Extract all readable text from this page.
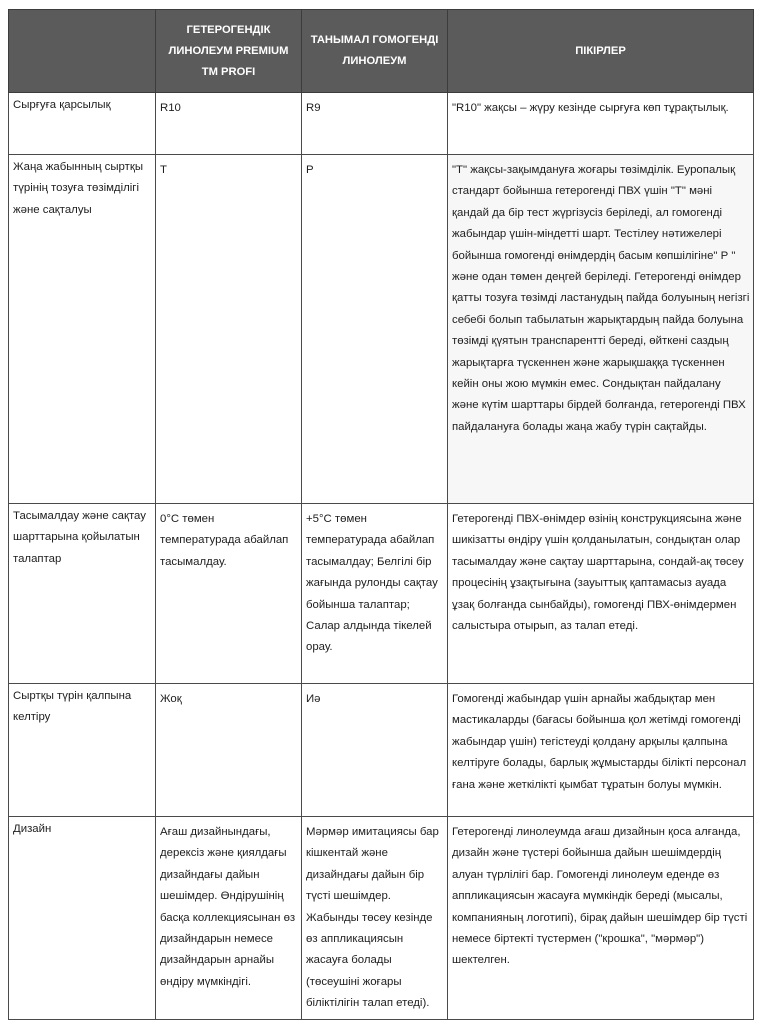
	ГЕТЕРОГЕНДІК ЛИНОЛЕУМ PREMIUM TM PROFI	ТАНЫМАЛ ГОМОГЕНДІ ЛИНОЛЕУМ	ПІКІРЛЕР
Сырғуға қарсылық	R10	R9	"R10" жақсы – жүру кезінде сырғуға көп тұрақтылық.
Жаңа жабынның сыртқы түрінің тозуға төзімділігі және сақталуы	T	P	"T" жақсы-зақымдануға жоғары төзімділік. Еуропалық стандарт бойынша гетерогенді ПВХ үшін "T" мәні қандай да бір тест жүргізусіз беріледі, ал гомогенді жабындар үшін-міндетті шарт. Тестілеу нәтижелері бойынша гомогенді өнімдердің басым көпшілігіне" Р " және одан төмен деңгей беріледі. Гетерогенді өнімдер қатты тозуға төзімді ластанудың пайда болуының негізгі себебі болып табылатын жарықтардың пайда болуына төзімді қүятын транспарентті береді, өйткені саздың жарықтарға түскеннен және жарықшаққа түскеннен кейін оны жою мүмкін емес. Сондықтан пайдалану және күтім шарттары бірдей болғанда, гетерогенді ПВХ пайдалануға болады жаңа жабу түрін сақтайды.
Тасымалдау және сақтау шарттарына қойылатын талаптар	0°С төмен температурада абайлап тасымалдау.	+5°С төмен температурада абайлап тасымалдау; Белгілі бір жағында рулонды сақтау бойынша талаптар; Салар алдында тікелей орау.	Гетерогенді ПВХ-өнімдер өзінің конструкциясына және шикізатты өндіру үшін қолданылатын, сондықтан олар тасымалдау және сақтау шарттарына, сондай-ақ төсеу процесінің ұзақтығына (зауыттық қаптамасыз ауада ұзақ болғанда сынбайды), гомогенді ПВХ-өнімдермен салыстыра отырып, аз талап етеді.
Сыртқы түрін қалпына келтіру	Жоқ	Иә	Гомогенді жабындар үшін арнайы жабдықтар мен мастикаларды (бағасы бойынша қол жетімді гомогенді жабындар үшін) тегістеуді қолдану арқылы қалпына келтіруге болады, барлық жұмыстарды білікті персонал ғана және жеткілікті қымбат тұратын болуы мүмкін.
Дизайн	Ағаш дизайнындағы, дерексіз және қиялдағы дизайндағы дайын шешімдер. Өндірушінің басқа коллекциясынан өз дизайндарын немесе дизайндарын арнайы өндіру мүмкіндігі.	Мәрмәр имитациясы бар кішкентай және дизайндағы дайын бір түсті шешімдер. Жабынды төсеу кезінде өз аппликациясын жасауға болады (төсеушіні жоғары біліктілігін талап етеді).	Гетерогенді линолеумда ағаш дизайнын қоса алғанда, дизайн және түстері бойынша дайын шешімдердің алуан түрлілігі бар. Гомогенді линолеум еденде өз аппликациясын жасауға мүмкіндік береді (мысалы, компанияның логотипі), бірақ дайын шешімдер бір түсті немесе біртекті түстермен ("крошка", "мәрмәр") шектелген.
